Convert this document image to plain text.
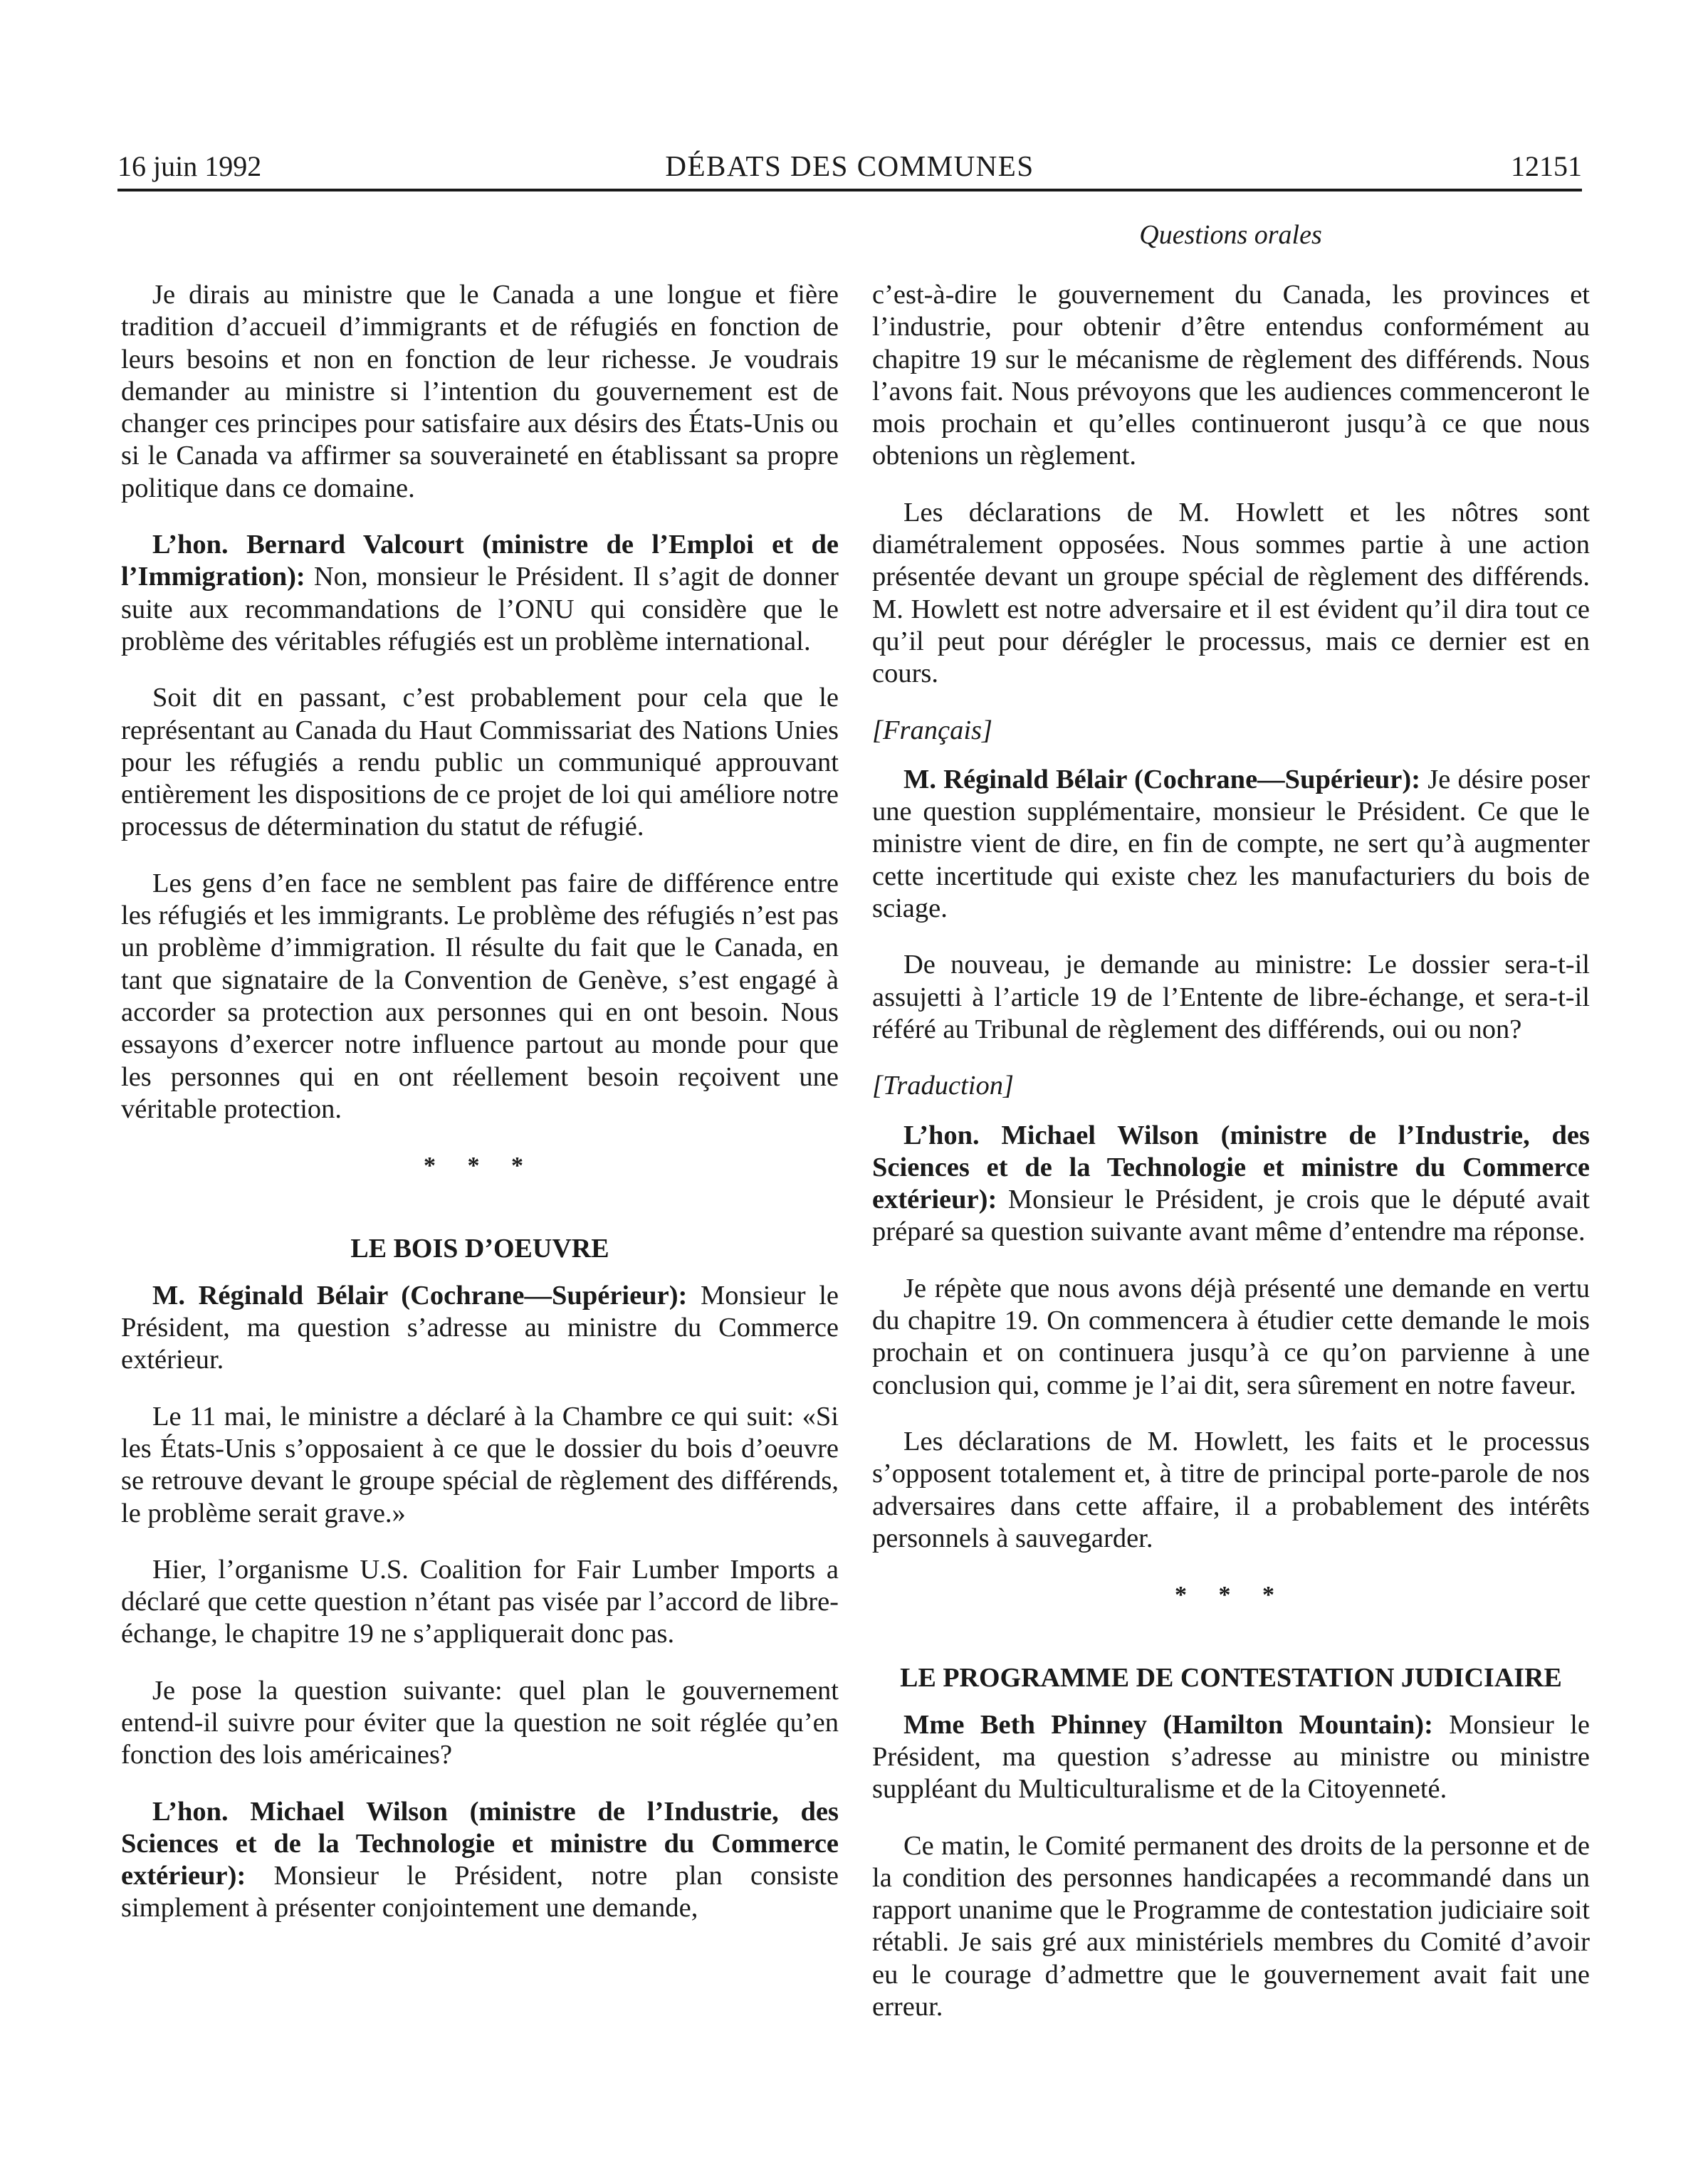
16 juin 1992	DÉBATS DES COMMUNES	12151
Questions orales

Je dirais au ministre que le Canada a une longue et fière tradition d’accueil d’immigrants et de réfugiés en fonction de leurs besoins et non en fonction de leur richesse. Je voudrais demander au ministre si l’intention du gouvernement est de changer ces principes pour satisfaire aux désirs des États-Unis ou si le Canada va affirmer sa souveraineté en établissant sa propre politique dans ce domaine.

L’hon. Bernard Valcourt (ministre de l’Emploi et de l’Immigration): Non, monsieur le Président. Il s’agit de donner suite aux recommandations de l’ONU qui considère que le problème des véritables réfugiés est un problème international.

Soit dit en passant, c’est probablement pour cela que le représentant au Canada du Haut Commissariat des Nations Unies pour les réfugiés a rendu public un communiqué approuvant entièrement les dispositions de ce projet de loi qui améliore notre processus de détermination du statut de réfugié.

Les gens d’en face ne semblent pas faire de différence entre les réfugiés et les immigrants. Le problème des réfugiés n’est pas un problème d’immigration. Il résulte du fait que le Canada, en tant que signataire de la Convention de Genève, s’est engagé à accorder sa protection aux personnes qui en ont besoin. Nous essayons d’exercer notre influence partout au monde pour que les personnes qui en ont réellement besoin reçoivent une véritable protection.

* * *

LE BOIS D’OEUVRE

M. Réginald Bélair (Cochrane—Supérieur): Monsieur le Président, ma question s’adresse au ministre du Commerce extérieur.

Le 11 mai, le ministre a déclaré à la Chambre ce qui suit: «Si les États-Unis s’opposaient à ce que le dossier du bois d’oeuvre se retrouve devant le groupe spécial de règlement des différends, le problème serait grave.»

Hier, l’organisme U.S. Coalition for Fair Lumber Imports a déclaré que cette question n’étant pas visée par l’accord de libre-échange, le chapitre 19 ne s’appliquerait donc pas.

Je pose la question suivante: quel plan le gouvernement entend-il suivre pour éviter que la question ne soit réglée qu’en fonction des lois américaines?

L’hon. Michael Wilson (ministre de l’Industrie, des Sciences et de la Technologie et ministre du Commerce extérieur): Monsieur le Président, notre plan consiste simplement à présenter conjointement une demande,

c’est-à-dire le gouvernement du Canada, les provinces et l’industrie, pour obtenir d’être entendus conformément au chapitre 19 sur le mécanisme de règlement des différends. Nous l’avons fait. Nous prévoyons que les audiences commenceront le mois prochain et qu’elles continueront jusqu’à ce que nous obtenions un règlement.

Les déclarations de M. Howlett et les nôtres sont diamétralement opposées. Nous sommes partie à une action présentée devant un groupe spécial de règlement des différends. M. Howlett est notre adversaire et il est évident qu’il dira tout ce qu’il peut pour dérégler le processus, mais ce dernier est en cours.

[Français]

M. Réginald Bélair (Cochrane—Supérieur): Je désire poser une question supplémentaire, monsieur le Président. Ce que le ministre vient de dire, en fin de compte, ne sert qu’à augmenter cette incertitude qui existe chez les manufacturiers du bois de sciage.

De nouveau, je demande au ministre: Le dossier sera-t-il assujetti à l’article 19 de l’Entente de libre-échange, et sera-t-il référé au Tribunal de règlement des différends, oui ou non?

[Traduction]

L’hon. Michael Wilson (ministre de l’Industrie, des Sciences et de la Technologie et ministre du Commerce extérieur): Monsieur le Président, je crois que le député avait préparé sa question suivante avant même d’entendre ma réponse.

Je répète que nous avons déjà présenté une demande en vertu du chapitre 19. On commencera à étudier cette demande le mois prochain et on continuera jusqu’à ce qu’on parvienne à une conclusion qui, comme je l’ai dit, sera sûrement en notre faveur.

Les déclarations de M. Howlett, les faits et le processus s’opposent totalement et, à titre de principal porte-parole de nos adversaires dans cette affaire, il a probablement des intérêts personnels à sauvegarder.

* * *

LE PROGRAMME DE CONTESTATION JUDICIAIRE

Mme Beth Phinney (Hamilton Mountain): Monsieur le Président, ma question s’adresse au ministre ou ministre suppléant du Multiculturalisme et de la Citoyenneté.

Ce matin, le Comité permanent des droits de la personne et de la condition des personnes handicapées a recommandé dans un rapport unanime que le Programme de contestation judiciaire soit rétabli. Je sais gré aux ministériels membres du Comité d’avoir eu le courage d’admettre que le gouvernement avait fait une erreur.
